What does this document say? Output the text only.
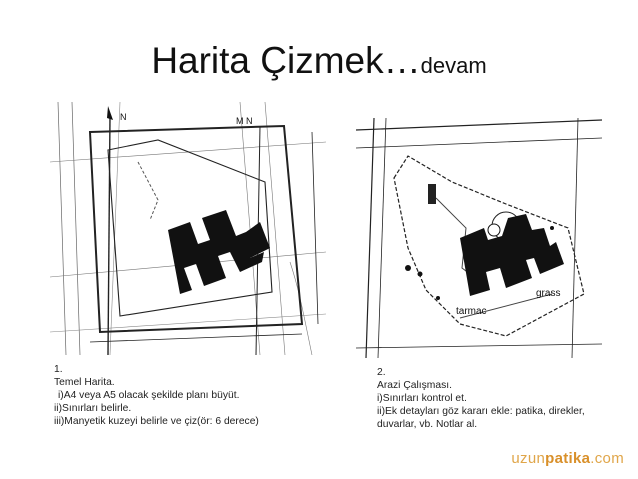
Harita Çizmek…devam
N	M N
tarmac
grass
1.
Temel Harita.
i)A4 veya A5 olacak şekilde planı büyüt.
ii)Sınırları belirle.
iii)Manyetik kuzeyi belirle ve çiz(ör: 6 derece)
2.
Arazi Çalışması.
i)Sınırları kontrol et.
ii)Ek detayları göz kararı ekle: patika, direkler, duvarlar, vb. Notlar al.
uzunpatika.com
